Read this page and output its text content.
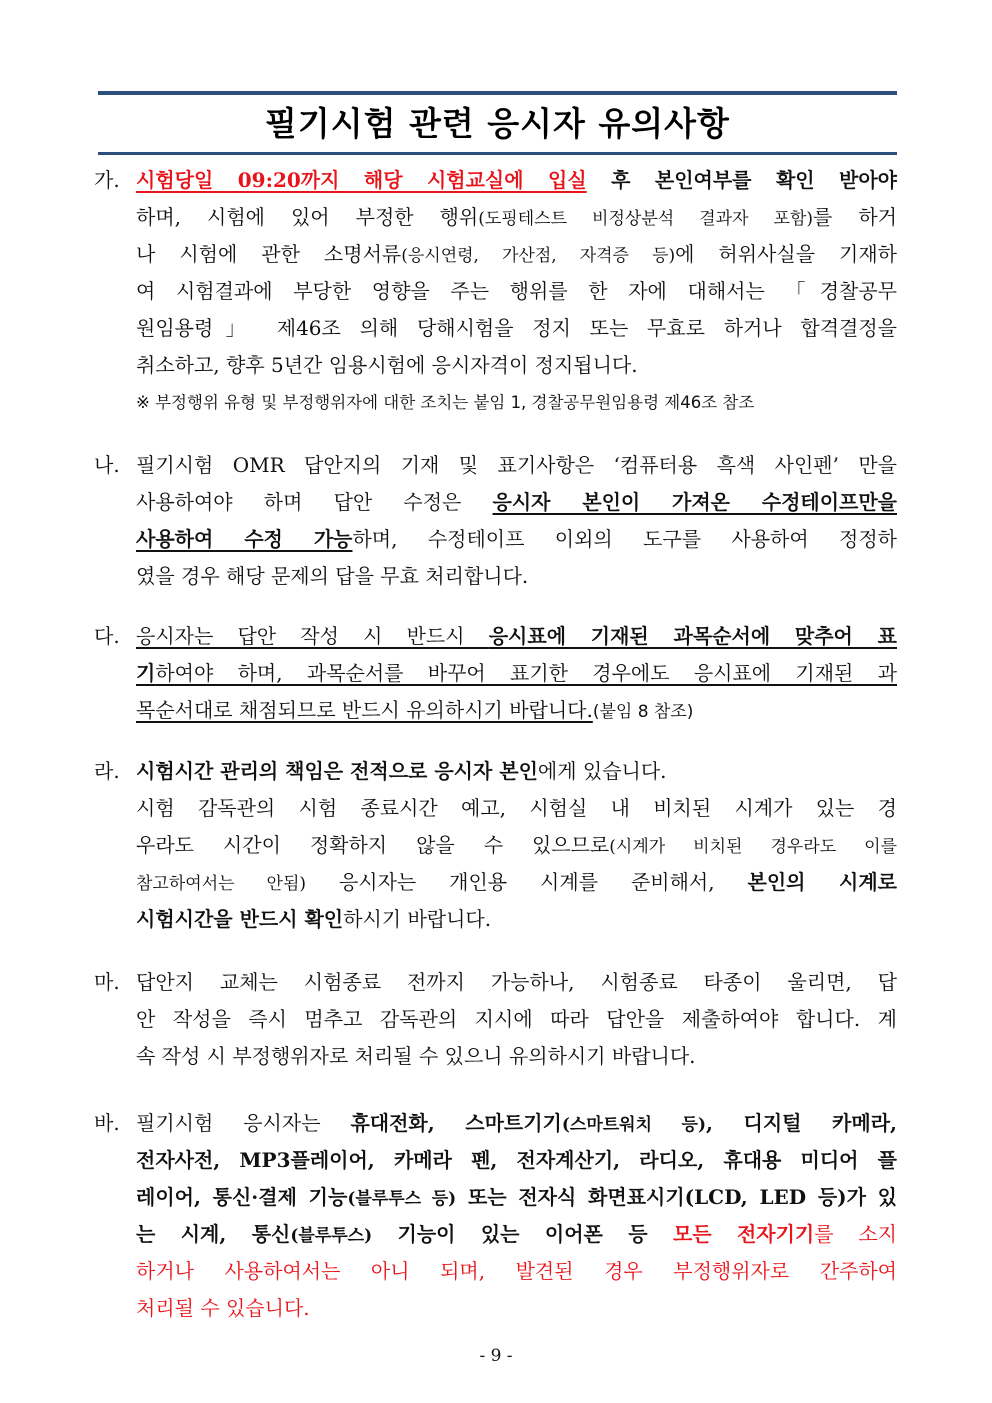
필기시험 관련 응시자 유의사항
가. 시험당일 09:20까지 해당 시험교실에 입실 후 본인여부를 확인 받아야
하며, 시험에 있어 부정한 행위(도핑테스트 비정상분석 결과자 포함)를 하거
나 시험에 관한 소명서류(응시연령, 가산점, 자격증 등)에 허위사실을 기재하
여 시험결과에 부당한 영향을 주는 행위를 한 자에 대해서는 「경찰공무
원임용령」 제46조 의해 당해시험을 정지 또는 무효로 하거나 합격결정을
취소하고, 향후 5년간 임용시험에 응시자격이 정지됩니다.
※ 부정행위 유형 및 부정행위자에 대한 조치는 붙임 1, 경찰공무원임용령 제46조 참조
나. 필기시험 OMR 답안지의 기재 및 표기사항은 ‘컴퓨터용 흑색 사인펜’ 만을
사용하여야 하며 답안 수정은 응시자 본인이 가져온 수정테이프만을
사용하여 수정 가능하며, 수정테이프 이외의 도구를 사용하여 정정하
였을 경우 해당 문제의 답을 무효 처리합니다.
다. 응시자는 답안 작성 시 반드시 응시표에 기재된 과목순서에 맞추어 표
기하여야 하며, 과목순서를 바꾸어 표기한 경우에도 응시표에 기재된 과
목순서대로 채점되므로 반드시 유의하시기 바랍니다.(붙임 8 참조)
라. 시험시간 관리의 책임은 전적으로 응시자 본인에게 있습니다.
시험 감독관의 시험 종료시간 예고, 시험실 내 비치된 시계가 있는 경
우라도 시간이 정확하지 않을 수 있으므로(시계가 비치된 경우라도 이를
참고하여서는 안됨) 응시자는 개인용 시계를 준비해서, 본인의 시계로
시험시간을 반드시 확인하시기 바랍니다.
마. 답안지 교체는 시험종료 전까지 가능하나, 시험종료 타종이 울리면, 답
안 작성을 즉시 멈추고 감독관의 지시에 따라 답안을 제출하여야 합니다. 계
속 작성 시 부정행위자로 처리될 수 있으니 유의하시기 바랍니다.
바. 필기시험 응시자는 휴대전화, 스마트기기(스마트워치 등), 디지털 카메라,
전자사전, MP3플레이어, 카메라 펜, 전자계산기, 라디오, 휴대용 미디어 플
레이어, 통신·결제 기능(블루투스 등) 또는 전자식 화면표시기(LCD, LED 등)가 있
는 시계, 통신(블루투스) 기능이 있는 이어폰 등 모든 전자기기를 소지
하거나 사용하여서는 아니 되며, 발견된 경우 부정행위자로 간주하여
처리될 수 있습니다.
- 9 -
